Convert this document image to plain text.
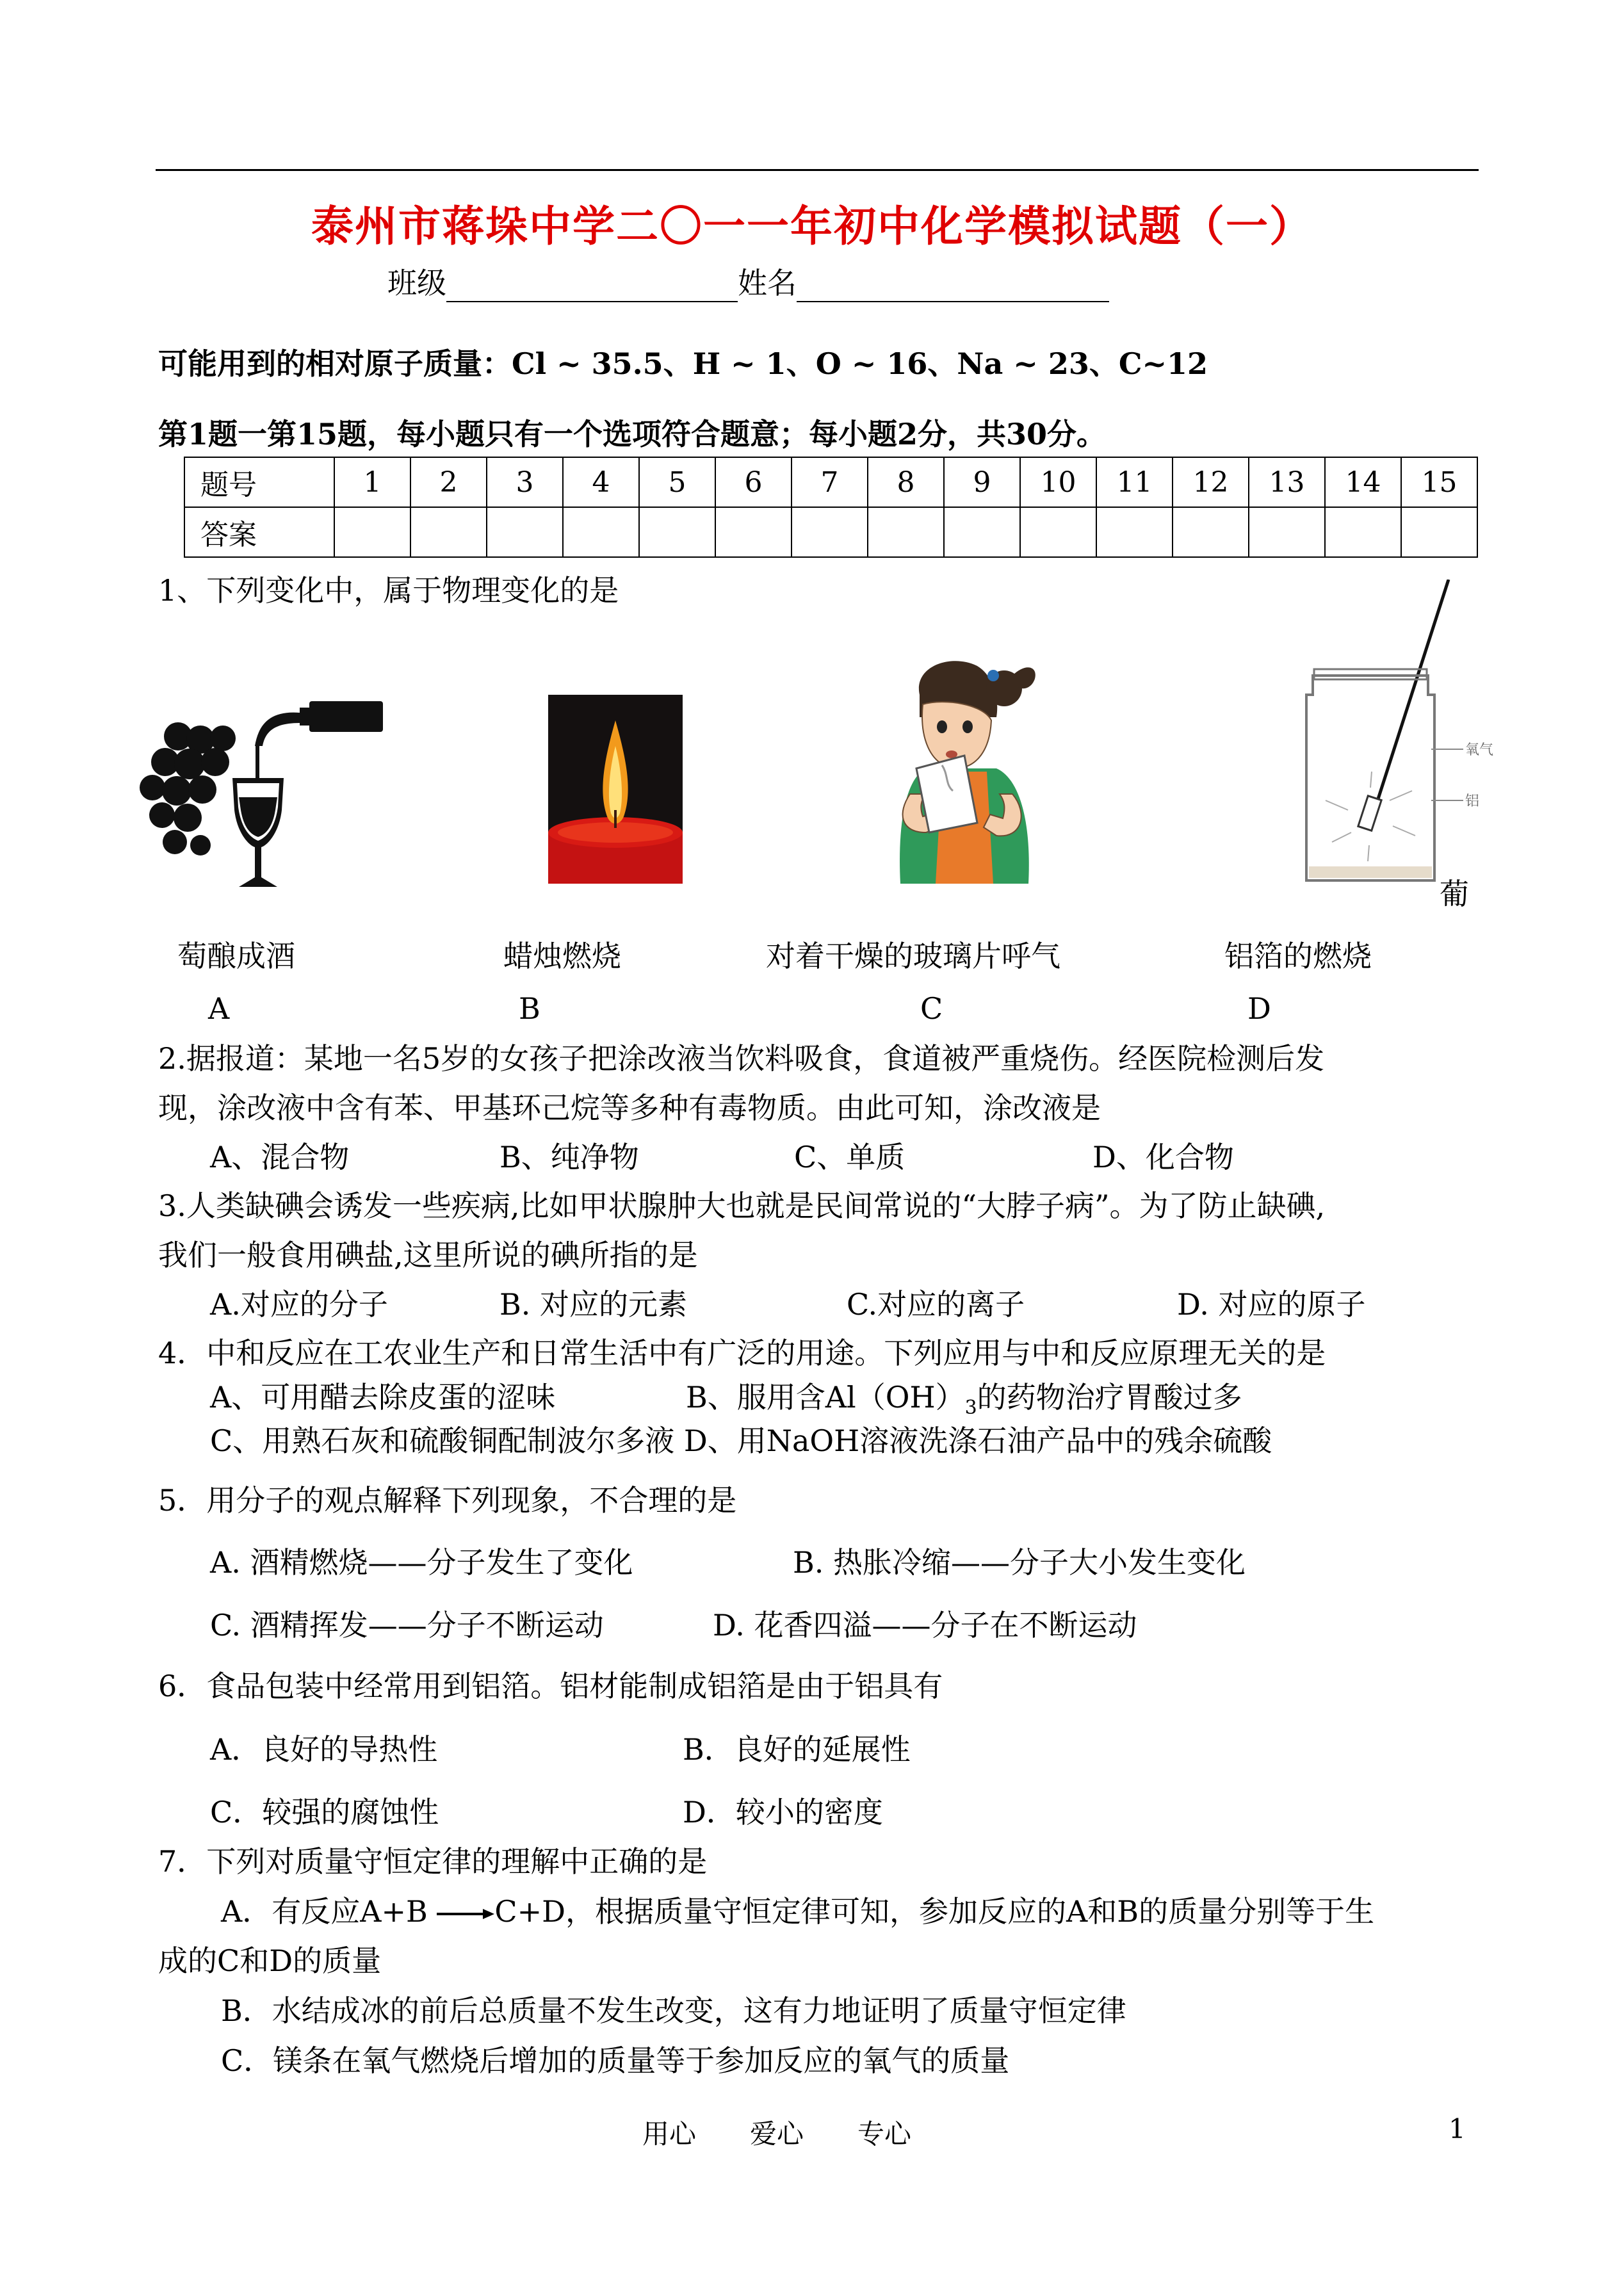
泰州市蒋垛中学二〇一一年初中化学模拟试题（一）
班级	姓名
可能用到的相对原子质量：Cl ~ 35.5、H ~ 1、O ~ 16、Na ~ 23、C~12
第1题一第15题，每小题只有一个选项符合题意；每小题2分，共30分。
题号	1	2	3	4	5	6	7	8	9	10	11	12	13	14	15
答案															
1、下列变化中，属于物理变化的是
氧气
铝
葡
萄酿成酒	蜡烛燃烧	对着干燥的玻璃片呼气	铝箔的燃烧
A	B	C	D
2.据报道：某地一名5岁的女孩子把涂改液当饮料吸食，食道被严重烧伤。经医院检测后发
现，涂改液中含有苯、甲基环己烷等多种有毒物质。由此可知，涂改液是
A、混合物	B、纯净物	C、单质	D、化合物
3.人类缺碘会诱发一些疾病,比如甲状腺肿大也就是民间常说的“大脖子病”。为了防止缺碘,
我们一般食用碘盐,这里所说的碘所指的是
A.对应的分子	B. 对应的元素	C.对应的离子	D. 对应的原子
4．中和反应在工农业生产和日常生活中有广泛的用途。下列应用与中和反应原理无关的是
A、可用醋去除皮蛋的涩味	B、服用含$Al(OH)_3$的药物治疗胃酸过多
C、用熟石灰和硫酸铜配制波尔多液 D、用NaOH溶液洗涤石油产品中的残余硫酸
5．用分子的观点解释下列现象，不合理的是
A. 酒精燃烧——分子发生了变化	B. 热胀冷缩——分子大小发生变化
C. 酒精挥发——分子不断运动	D. 花香四溢——分子在不断运动
6．食品包装中经常用到铝箔。铝材能制成铝箔是由于铝具有
A．良好的导热性	B．良好的延展性
C．较强的腐蚀性	D．较小的密度
7．下列对质量守恒定律的理解中正确的是
A．有反应A+B →C+D，根据质量守恒定律可知，参加反应的A和B的质量分别等于生
成的C和D的质量
B．水结成冰的前后总质量不发生改变，这有力地证明了质量守恒定律
C．镁条在氧气燃烧后增加的质量等于参加反应的氧气的质量
用心　　爱心　　专心	1
